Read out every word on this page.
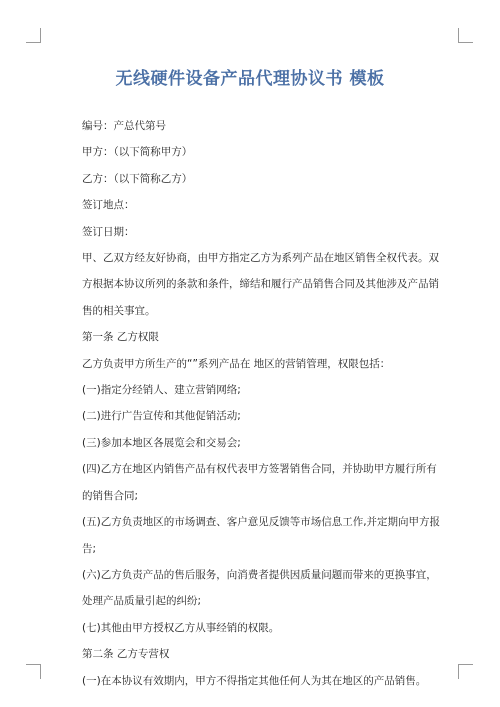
无线硬件设备产品代理协议书 模板

编号：产总代第号

甲方：（以下简称甲方）

乙方：（以下简称乙方）

签订地点：

签订日期：

甲、乙双方经友好协商，由甲方指定乙方为系列产品在地区销售全权代表。双方根据本协议所列的条款和条件，缔结和履行产品销售合同及其他涉及产品销售的相关事宜。

第一条 乙方权限

乙方负责甲方所生产的“”系列产品在 地区的营销管理，权限包括：

(一)指定分经销人、建立营销网络;

(二)进行广告宣传和其他促销活动;

(三)参加本地区各展览会和交易会;

(四)乙方在地区内销售产品有权代表甲方签署销售合同，并协助甲方履行所有的销售合同;

(五)乙方负责地区的市场调查、客户意见反馈等市场信息工作,并定期向甲方报告;

(六)乙方负责产品的售后服务，向消费者提供因质量问题而带来的更换事宜，处理产品质量引起的纠纷;

(七)其他由甲方授权乙方从事经销的权限。

第二条 乙方专营权

(一)在本协议有效期内，甲方不得指定其他任何人为其在地区的产品销售。
